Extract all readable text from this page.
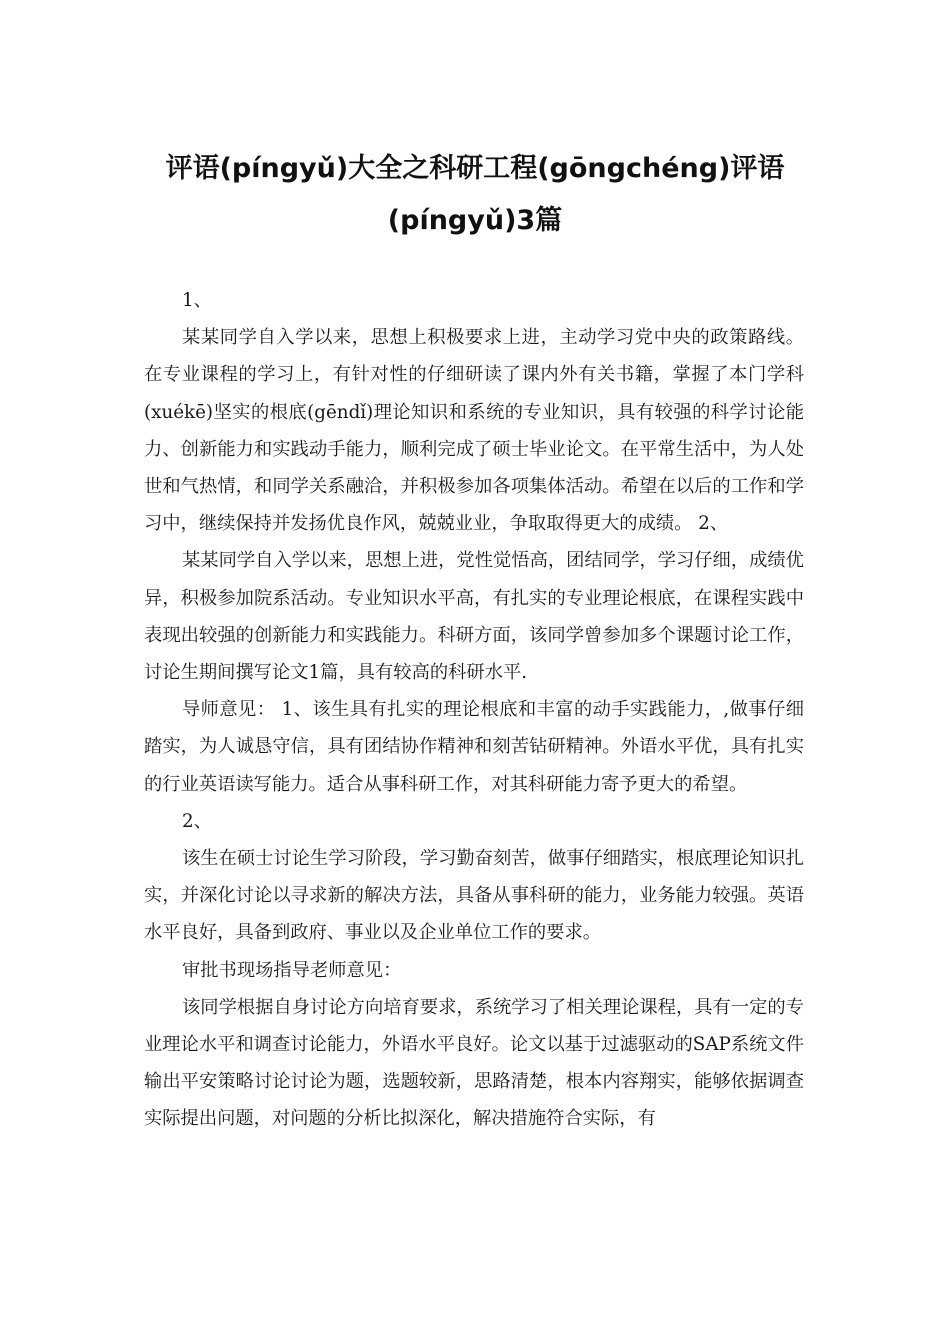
评语(píngyǔ)大全之科研工程(gōngchéng)评语
(píngyǔ)3篇

1、

某某同学自入学以来，思想上积极要求上进，主动学习党中央的政策路线。 在专业课程的学习上，有针对性的仔细研读了课内外有关书籍，掌握了本门学科(xuékē)坚实的根底(gēndǐ)理论知识和系统的专业知识，具有较强的科学讨论能力、创新能力和实践动手能力，顺利完成了硕士毕业论文。在平常生活中，为人处世和气热情，和同学关系融洽，并积极参加各项集体活动。希望在以后的工作和学习中，继续保持并发扬优良作风，兢兢业业，争取取得更大的成绩。 2、

某某同学自入学以来，思想上进，党性觉悟高，团结同学，学习仔细，成绩优异，积极参加院系活动。专业知识水平高，有扎实的专业理论根底，在课程实践中表现出较强的创新能力和实践能力。科研方面，该同学曾参加多个课题讨论工作，讨论生期间撰写论文1篇，具有较高的科研水平.

导师意见： 1、该生具有扎实的理论根底和丰富的动手实践能力，,做事仔细踏实，为人诚恳守信，具有团结协作精神和刻苦钻研精神。外语水平优，具有扎实的行业英语读写能力。适合从事科研工作，对其科研能力寄予更大的希望。

2、

该生在硕士讨论生学习阶段，学习勤奋刻苦，做事仔细踏实，根底理论知识扎实，并深化讨论以寻求新的解决方法，具备从事科研的能力，业务能力较强。英语水平良好，具备到政府、事业以及企业单位工作的要求。

审批书现场指导老师意见：

该同学根据自身讨论方向培育要求，系统学习了相关理论课程，具有一定的专业理论水平和调查讨论能力，外语水平良好。论文以基于过滤驱动的SAP系统文件输出平安策略讨论讨论为题，选题较新，思路清楚，根本内容翔实，能够依据调查实际提出问题，对问题的分析比拟深化，解决措施符合实际，有
